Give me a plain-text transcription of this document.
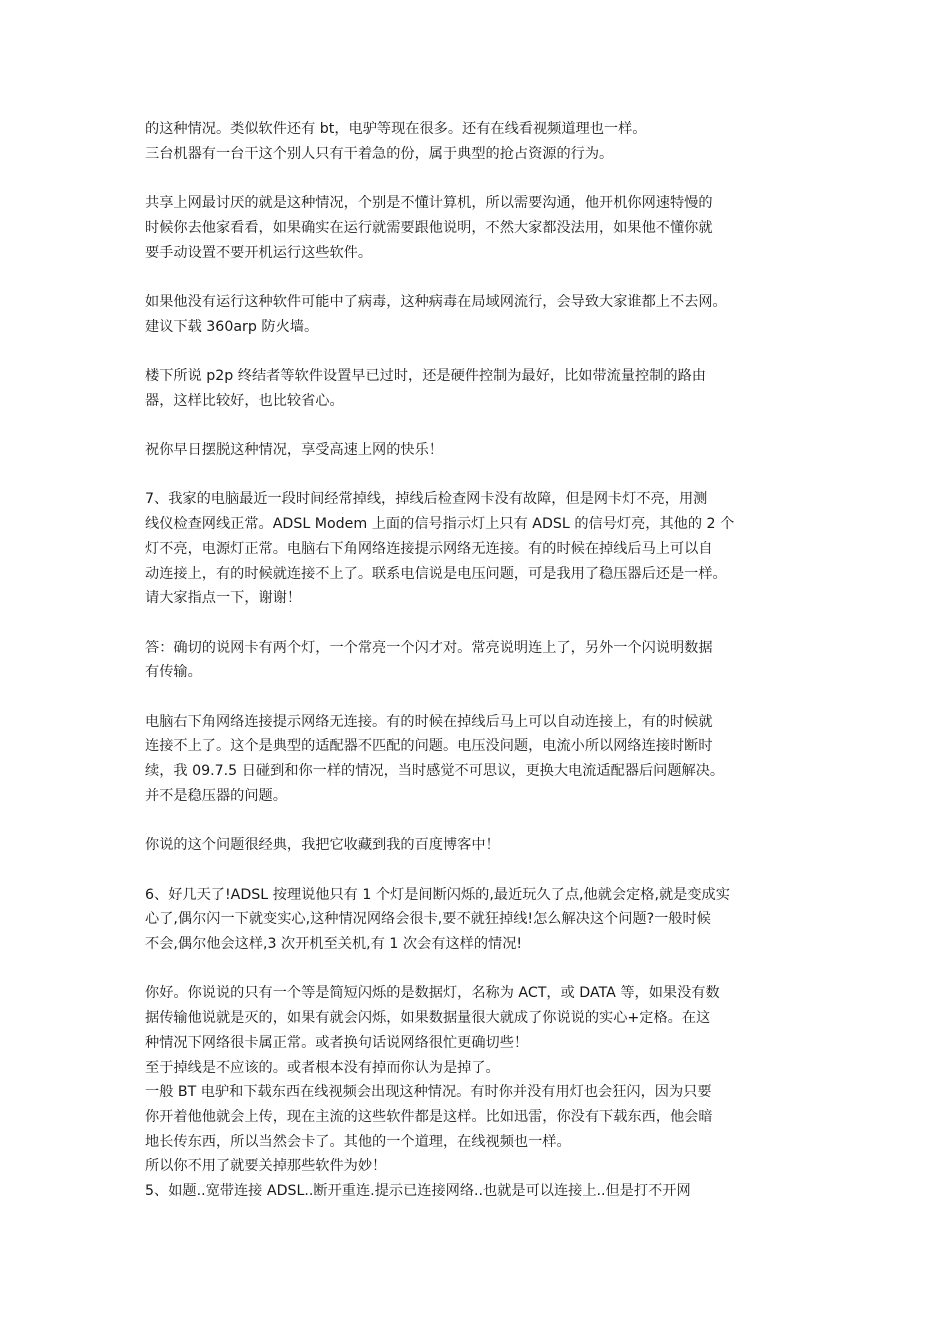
的这种情况。类似软件还有 bt，电驴等现在很多。还有在线看视频道理也一样。
三台机器有一台干这个别人只有干着急的份，属于典型的抢占资源的行为。

共享上网最讨厌的就是这种情况，个别是不懂计算机，所以需要沟通，他开机你网速特慢的
时候你去他家看看，如果确实在运行就需要跟他说明，不然大家都没法用，如果他不懂你就
要手动设置不要开机运行这些软件。

如果他没有运行这种软件可能中了病毒，这种病毒在局域网流行，会导致大家谁都上不去网。
建议下载 360arp 防火墙。

楼下所说 p2p 终结者等软件设置早已过时，还是硬件控制为最好，比如带流量控制的路由
器，这样比较好，也比较省心。

祝你早日摆脱这种情况，享受高速上网的快乐！

7、我家的电脑最近一段时间经常掉线，掉线后检查网卡没有故障，但是网卡灯不亮，用测
线仪检查网线正常。ADSL Modem 上面的信号指示灯上只有 ADSL 的信号灯亮，其他的 2 个
灯不亮，电源灯正常。电脑右下角网络连接提示网络无连接。有的时候在掉线后马上可以自
动连接上，有的时候就连接不上了。联系电信说是电压问题，可是我用了稳压器后还是一样。
请大家指点一下，谢谢！

答：确切的说网卡有两个灯，一个常亮一个闪才对。常亮说明连上了，另外一个闪说明数据
有传输。

电脑右下角网络连接提示网络无连接。有的时候在掉线后马上可以自动连接上，有的时候就
连接不上了。这个是典型的适配器不匹配的问题。电压没问题，电流小所以网络连接时断时
续，我 09.7.5 日碰到和你一样的情况，当时感觉不可思议，更换大电流适配器后问题解决。
并不是稳压器的问题。

你说的这个问题很经典，我把它收藏到我的百度博客中！

6、好几天了!ADSL 按理说他只有 1 个灯是间断闪烁的,最近玩久了点,他就会定格,就是变成实
心了,偶尔闪一下就变实心,这种情况网络会很卡,要不就狂掉线!怎么解决这个问题?一般时候
不会,偶尔他会这样,3 次开机至关机,有 1 次会有这样的情况!

你好。你说说的只有一个等是简短闪烁的是数据灯，名称为 ACT，或 DATA 等，如果没有数
据传输他说就是灭的，如果有就会闪烁，如果数据量很大就成了你说说的实心+定格。在这
种情况下网络很卡属正常。或者换句话说网络很忙更确切些！
至于掉线是不应该的。或者根本没有掉而你认为是掉了。
一般 BT 电驴和下载东西在线视频会出现这种情况。有时你并没有用灯也会狂闪，因为只要
你开着他他就会上传，现在主流的这些软件都是这样。比如迅雷，你没有下载东西，他会暗
地长传东西，所以当然会卡了。其他的一个道理，在线视频也一样。
所以你不用了就要关掉那些软件为妙！
5、如题..宽带连接 ADSL..断开重连.提示已连接网络..也就是可以连接上..但是打不开网
